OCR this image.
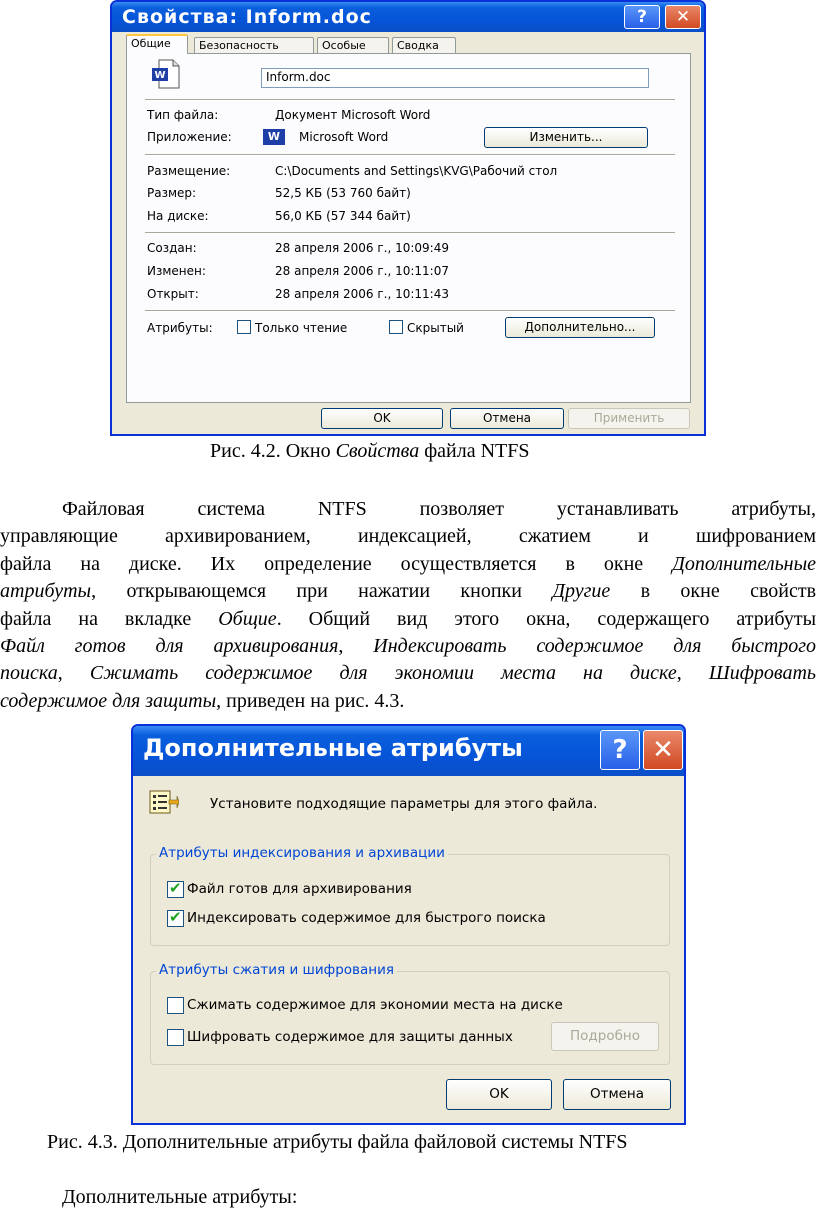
Свойства: Inform.doc	?	✕
Общие	Безопасность	Особые	Сводка
W	Inform.doc
Тип файла:	Документ Microsoft Word
Приложение:	W	Microsoft Word	Изменить...
Размещение:	C:\Documents and Settings\KVG\Рабочий стол
Размер:	52,5 КБ (53 760 байт)
На диске:	56,0 КБ (57 344 байт)
Создан:	28 апреля 2006 г., 10:09:49
Изменен:	28 апреля 2006 г., 10:11:07
Открыт:	28 апреля 2006 г., 10:11:43
Атрибуты:	Только чтение	Скрытый	Дополнительно...
OK	Отмена	Применить
Рис. 4.2. Окно Свойства файла NTFS
Файловая система NTFS позволяет устанавливать атрибуты,
управляющие архивированием, индексацией, сжатием и шифрованием
файла на диске. Их определение осуществляется в окне Дополнительные
атрибуты, открывающемся при нажатии кнопки Другие в окне свойств
файла на вкладке Общие. Общий вид этого окна, содержащего атрибуты
Файл готов для архивирования, Индексировать содержимое для быстрого
поиска, Сжимать содержимое для экономии места на диске, Шифровать
содержимое для защиты, приведен на рис. 4.3.
Дополнительные атрибуты	? ✕
Установите подходящие параметры для этого файла.
Атрибуты индексирования и архивации
✔ Файл готов для архивирования
✔ Индексировать содержимое для быстрого поиска
Атрибуты сжатия и шифрования
Сжимать содержимое для экономии места на диске
Шифровать содержимое для защиты данных	Подробно
OK	Отмена
Рис. 4.3. Дополнительные атрибуты файла файловой системы NTFS
Дополнительные атрибуты:
